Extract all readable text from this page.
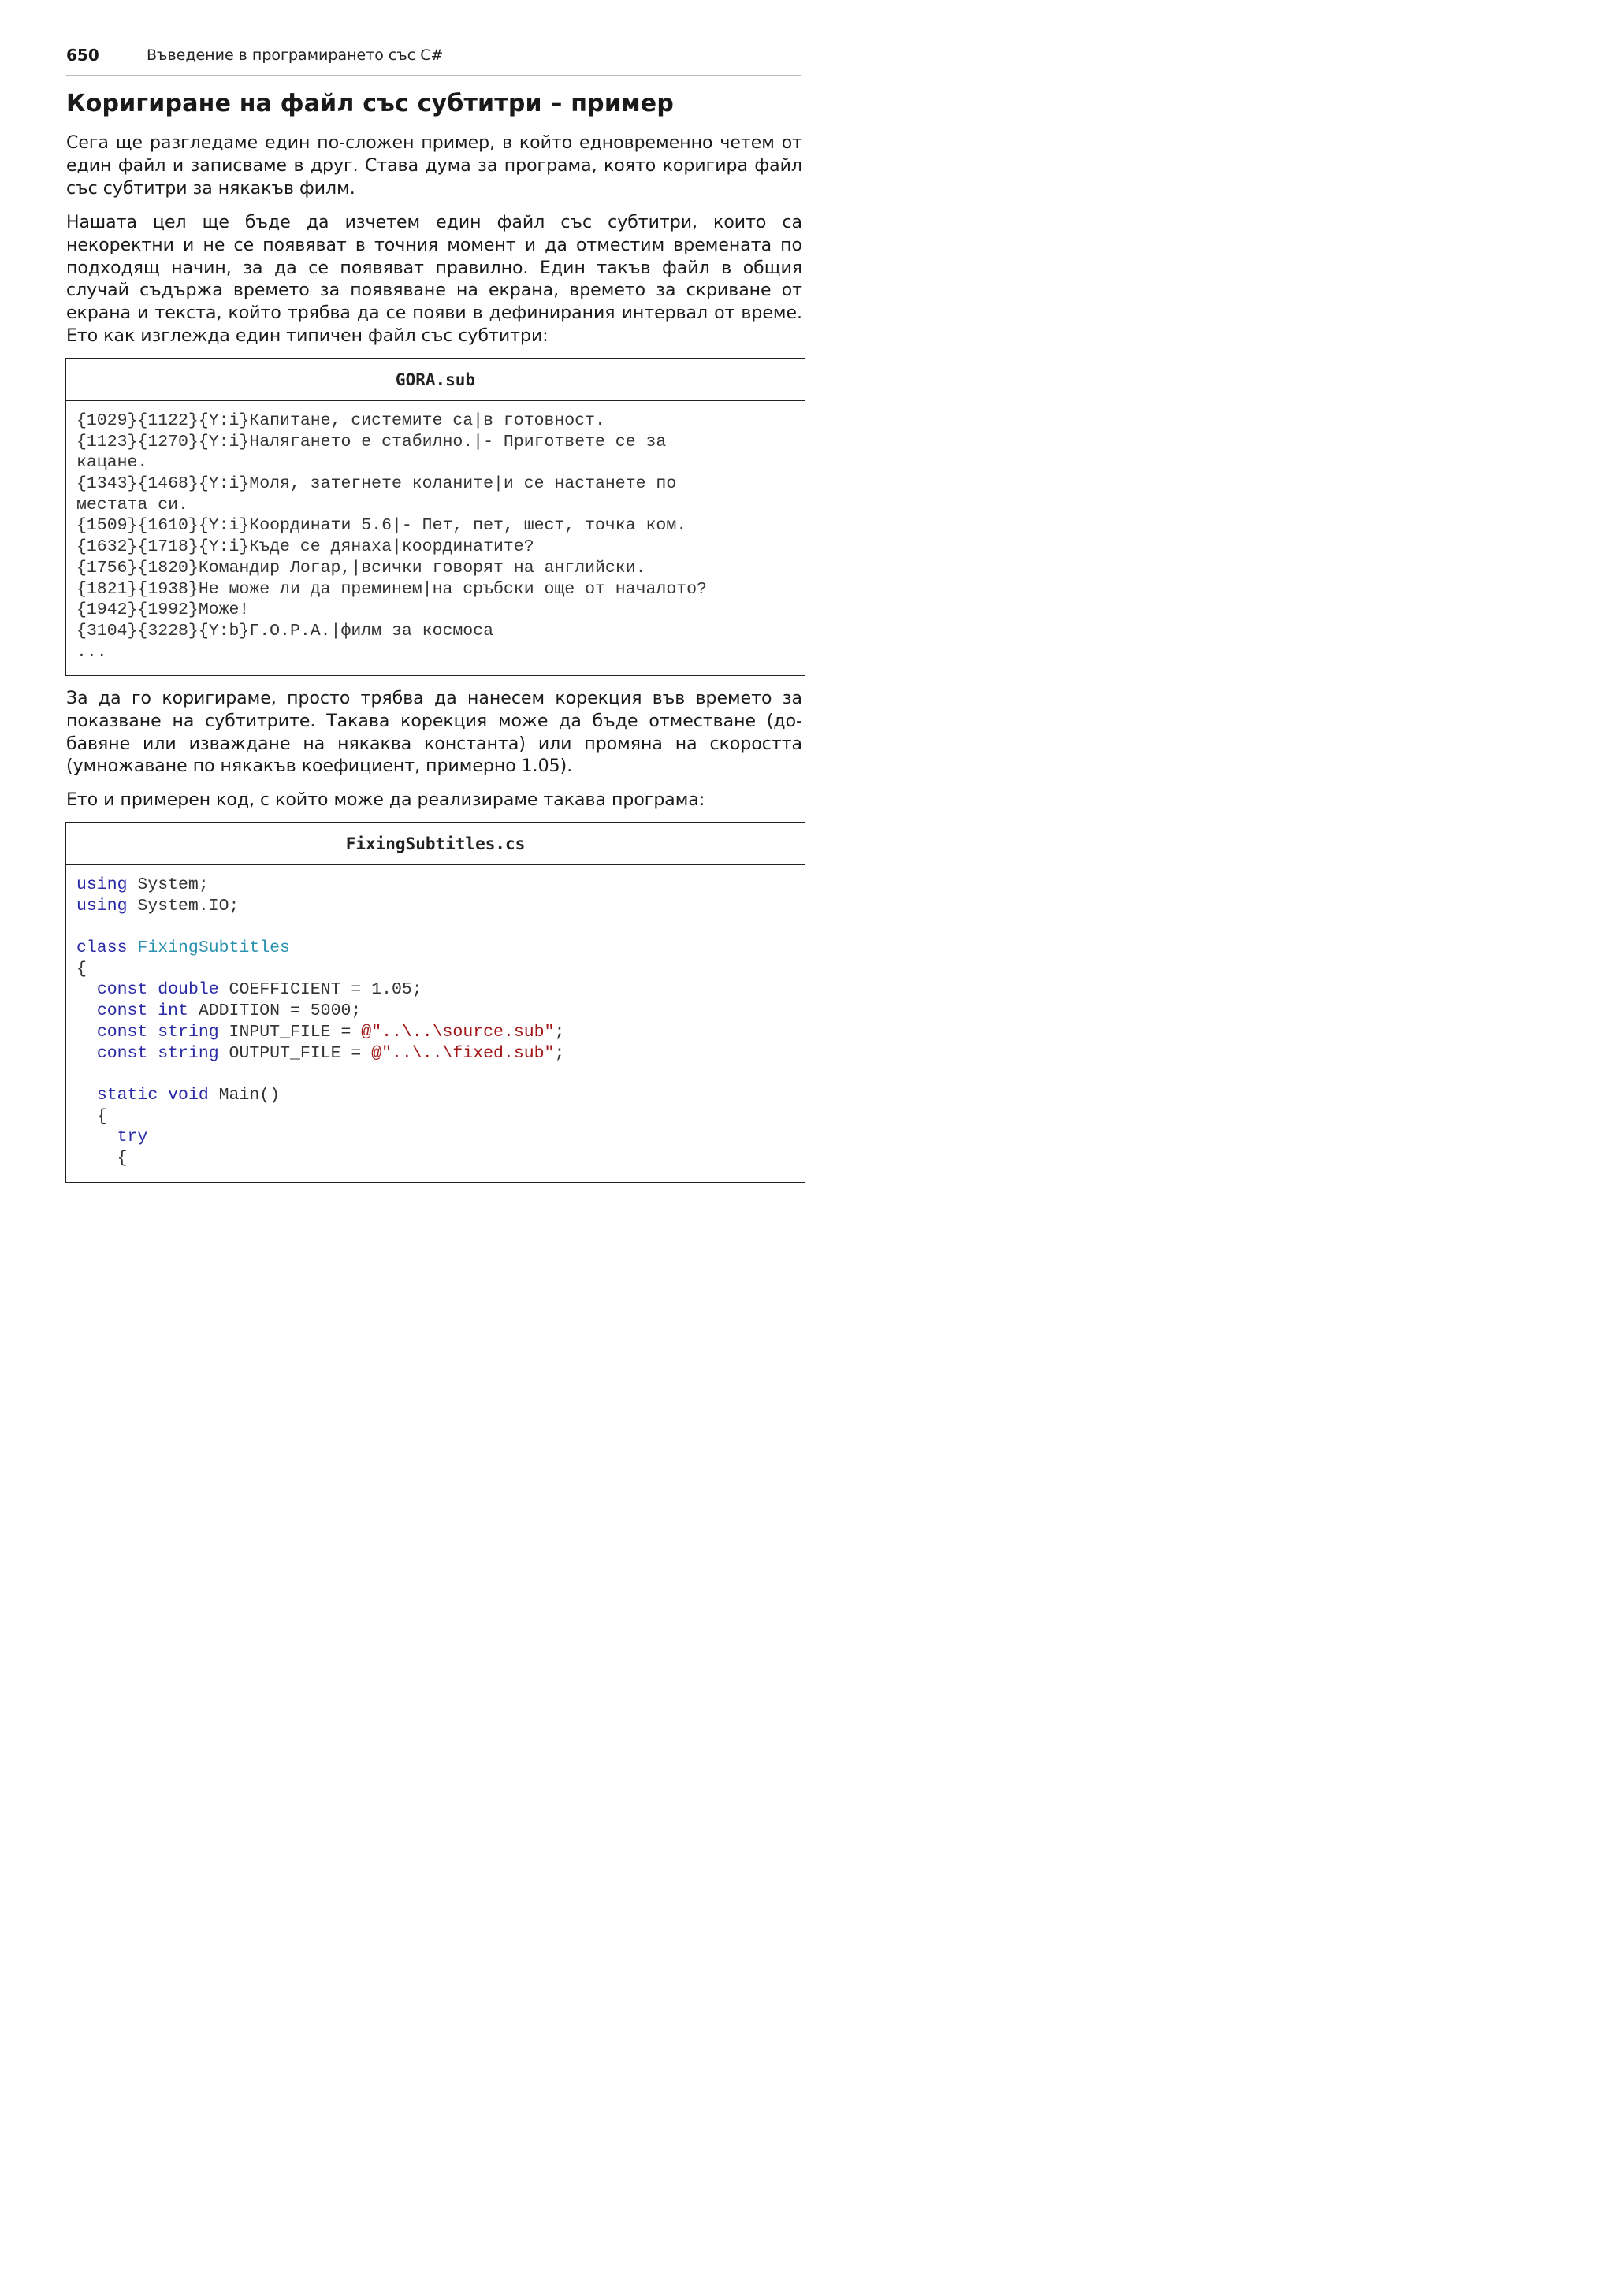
650	Въведение в програмирането със C#
Коригиране на файл със субтитри – пример

Сега ще разгледаме един по-сложен пример, в който едновременно четем от един файл и записваме в друг. Става дума за програма, която коригира файл със субтитри за някакъв филм.

Нашата цел ще бъде да изчетем един файл със субтитри, които са некоректни и не се появяват в точния момент и да отместим времената по подходящ начин, за да се появяват правилно. Един такъв файл в общия случай съдържа времето за появяване на екрана, времето за скриване от екрана и текста, който трябва да се появи в дефинирания интервал от време. Ето как изглежда един типичен файл със субтитри:

GORA.sub
{1029}{1122}{Y:i}Капитане, системите са|в готовност.
{1123}{1270}{Y:i}Налягането е стабилно.|- Пригответе се за
кацане.
{1343}{1468}{Y:i}Моля, затегнете коланите|и се настанете по
местата си.
{1509}{1610}{Y:i}Координати 5.6|- Пет, пет, шест, точка ком.
{1632}{1718}{Y:i}Къде се дянаха|координатите?
{1756}{1820}Командир Логар,|всички говорят на английски.
{1821}{1938}Не може ли да преминем|на сръбски още от началото?
{1942}{1992}Може!
{3104}{3228}{Y:b}Г.О.Р.А.|филм за космоса
...

За да го коригираме, просто трябва да нанесем корекция във времето за показване на субтитрите. Такава корекция може да бъде отместване (до-бавяне или изваждане на някаква константа) или промяна на скоростта (умножаване по някакъв коефициент, примерно 1.05).

Ето и примерен код, с който може да реализираме такава програма:

FixingSubtitles.cs
using System;
using System.IO;
class FixingSubtitles
{
const double COEFFICIENT = 1.05;
const int ADDITION = 5000;
const string INPUT_FILE = @"..\..\source.sub";
const string OUTPUT_FILE = @"..\..\fixed.sub";
static void Main()
{
try
{
